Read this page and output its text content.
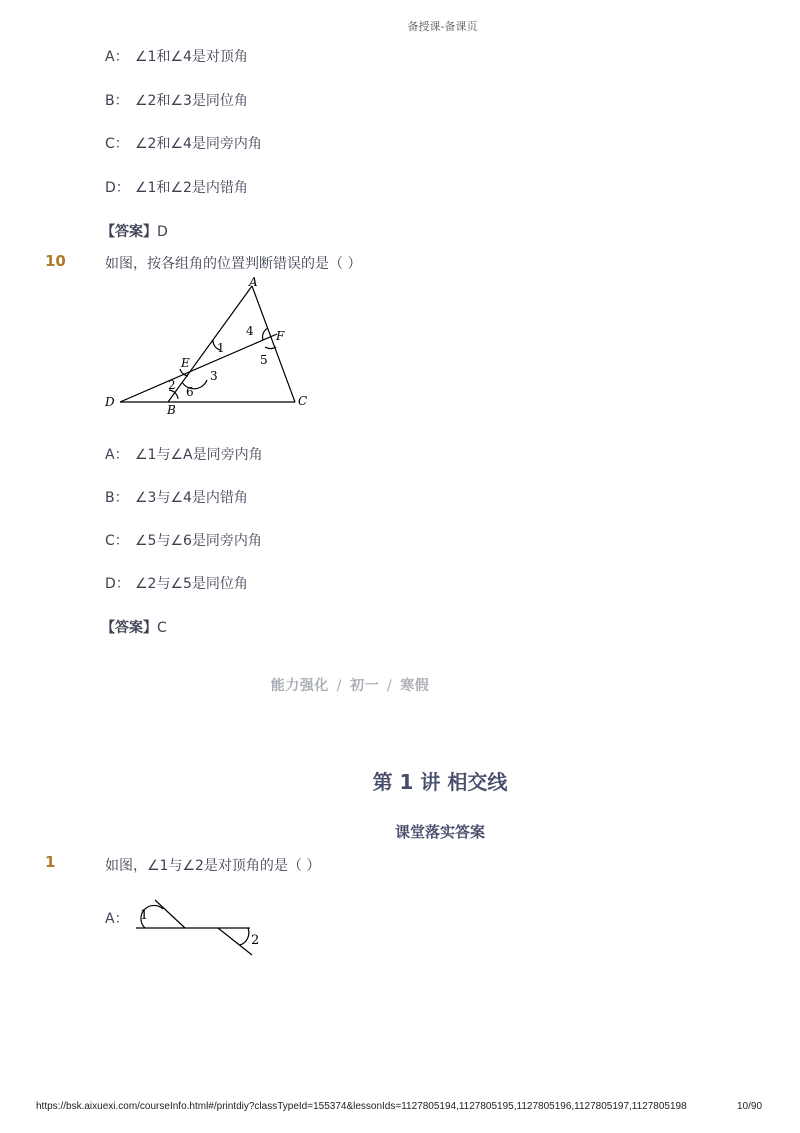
备授课-备课页
A： ∠1和∠4是对顶角
B： ∠2和∠3是同位角
C： ∠2和∠4是同旁内角
D： ∠1和∠2是内错角
【答案】D
10	如图，按各组角的位置判断错误的是（ ）
A
B
C
D
E
F
1
2
3
4
5
6
A： ∠1与∠A是同旁内角
B： ∠3与∠4是内错角
C： ∠5与∠6是同旁内角
D： ∠2与∠5是同位角
【答案】C
能力强化 / 初一 / 寒假
第 1 讲 相交线
课堂落实答案
1	如图，∠1与∠2是对顶角的是（ ）
A： 1
2
https://bsk.aixuexi.com/courseInfo.html#/printdiy?classTypeId=155374&lessonIds=1127805194,1127805195,1127805196,1127805197,1127805198	10/90
